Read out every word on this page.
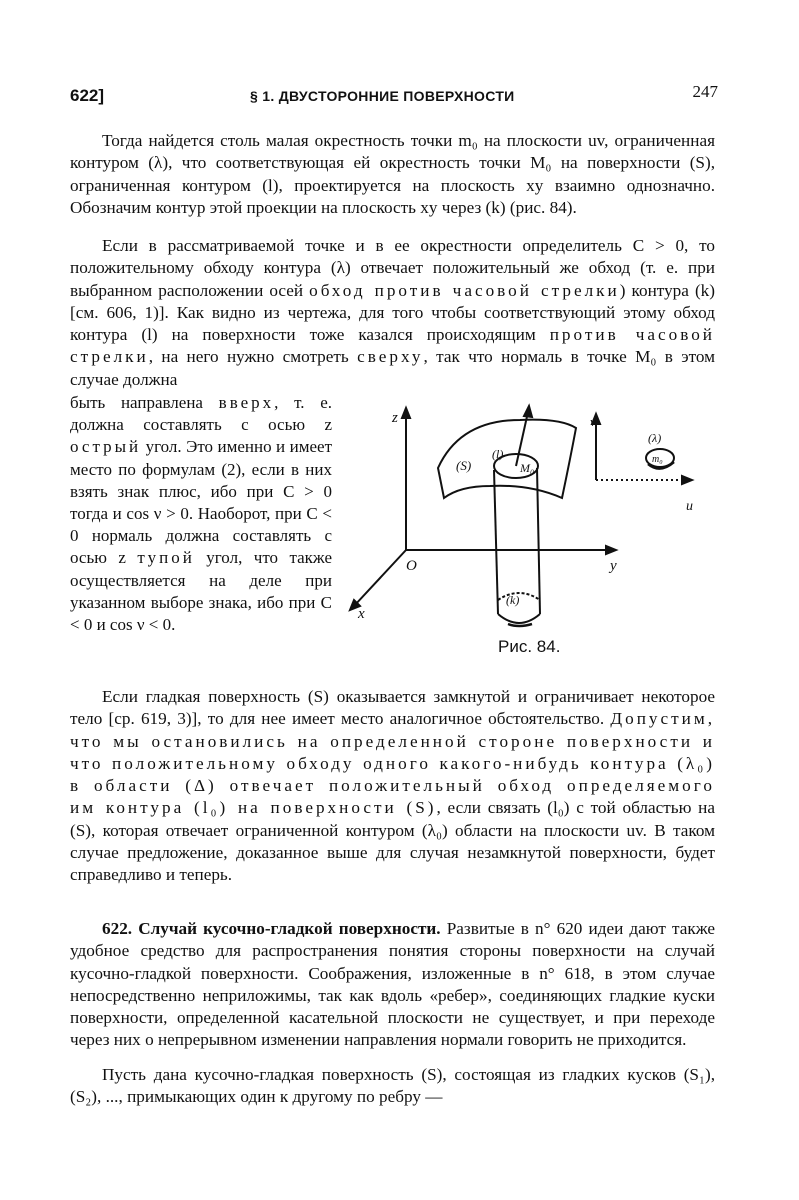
622]	§ 1. ДВУСТОРОННИЕ ПОВЕРХНОСТИ	247

Тогда найдется столь малая окрестность точки m₀ на плоскости uv, ограниченная контуром (λ), что соответствующая ей окрестность точки M₀ на поверхности (S), ограниченная контуром (l), проектируется на плоскость xy взаимно однозначно. Обозначим контур этой проекции на плоскость xy через (k) (рис. 84).

Если в рассматриваемой точке и в ее окрестности определитель C > 0, то положительному обходу контура (λ) отвечает положительный же обход (т. е. при выбранном расположении осей обход против часовой стрелки) контура (k) [см. 606, 1)]. Как видно из чертежа, для того чтобы соответствующий этому обход контура (l) на поверхности тоже казался происходящим против часовой стрелки, на него нужно смотреть сверху, так что нормаль в точке M₀ в этом случае должна

быть направлена вверх, т. е. должна составлять с осью z острый угол. Это именно и имеет место по формулам (2), если в них взять знак плюс, ибо при C > 0 тогда и cos ν > 0. Наоборот, при C < 0 нормаль должна составлять с осью z тупой угол, что также осуществляется на деле при указанном выборе знака, ибо при C < 0 и cos ν < 0.

z
y
x
O
(S)
(l)
M₀
(k)
v
u
(λ)
m₀
Рис. 84.

Если гладкая поверхность (S) оказывается замкнутой и ограничивает некоторое тело [ср. 619, 3)], то для нее имеет место аналогичное обстоятельство. Допустим, что мы остановились на определенной стороне поверхности и что положительному обходу одного какого-нибудь контура (λ₀) в области (Δ) отвечает положительный обход определяемого им контура (l₀) на поверхности (S), если связать (l₀) с той областью на (S), которая отвечает ограниченной контуром (λ₀) области на плоскости uv. В таком случае предложение, доказанное выше для случая незамкнутой поверхности, будет справедливо и теперь.

622. Случай кусочно-гладкой поверхности. Развитые в n° 620 идеи дают также удобное средство для распространения понятия стороны поверхности на случай кусочно-гладкой поверхности. Соображения, изложенные в n° 618, в этом случае непосредственно неприложимы, так как вдоль «ребер», соединяющих гладкие куски поверхности, определенной касательной плоскости не существует, и при переходе через них о непрерывном изменении направления нормали говорить не приходится.

Пусть дана кусочно-гладкая поверхность (S), состоящая из гладких кусков (S₁), (S₂), ..., примыкающих один к другому по ребру —
